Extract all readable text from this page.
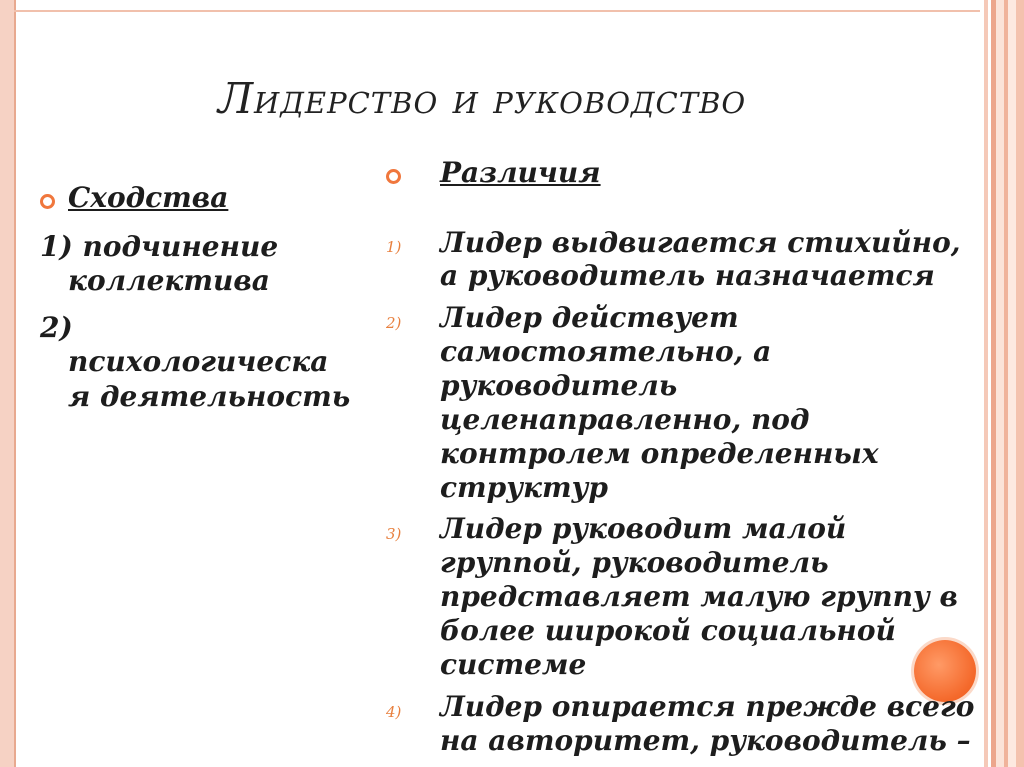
Лидерство и руководство
Сходства
1) подчинение
коллектива
2)
психологическа
я деятельность
Различия
1) Лидер выдвигается стихийно,
а руководитель назначается
2) Лидер действует
самостоятельно, а
руководитель
целенаправленно, под
контролем определенных
структур
3) Лидер руководит малой
группой, руководитель
представляет малую группу в
более широкой социальной
системе
4) Лидер опирается прежде всего
на авторитет, руководитель –
